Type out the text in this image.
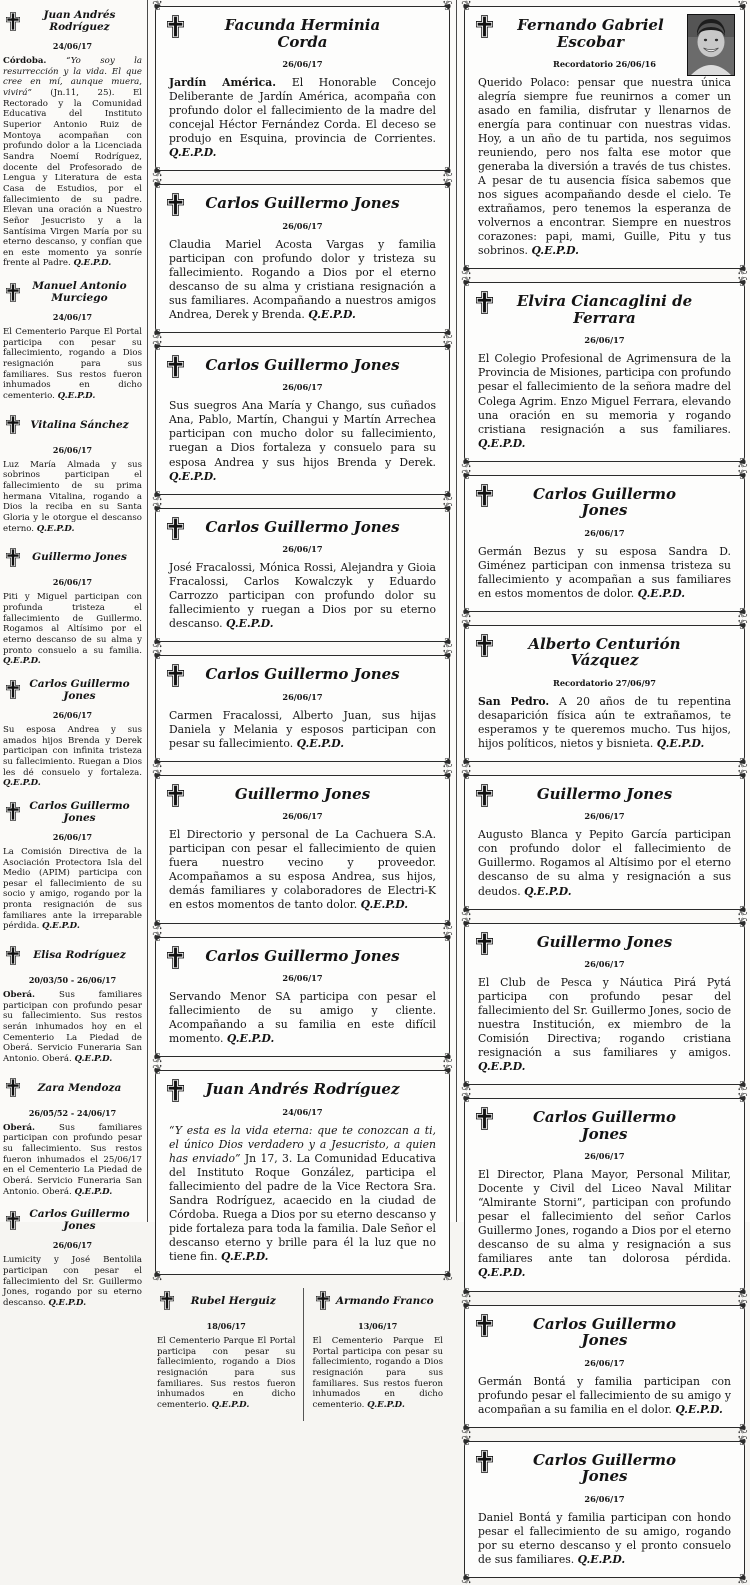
Juan Andrés Rodríguez
24/06/17

Córdoba. “Yo soy la resurrección y la vida. El que cree en mí, aunque muera, vivirá” (Jn.11, 25). El Rectorado y la Comunidad Educativa del Instituto Superior Antonio Ruiz de Montoya acompañan con profundo dolor a la Licenciada Sandra Noemí Rodríguez, docente del Profesorado de Lengua y Literatura de esta Casa de Estudios, por el fallecimiento de su padre. Elevan una oración a Nuestro Señor Jesucristo y a la Santísima Virgen María por su eterno descanso, y confían que en este momento ya sonríe frente al Padre. Q.E.P.D.

Manuel Antonio Murciego
24/06/17

El Cementerio Parque El Portal participa con pesar su fallecimiento, rogando a Dios resignación para sus familiares. Sus restos fueron inhumados en dicho cementerio. Q.E.P.D.

Vitalina Sánchez
26/06/17

Luz María Almada y sus sobrinos participan el fallecimiento de su prima hermana Vitalina, rogando a Dios la reciba en su Santa Gloria y le otorgue el descanso eterno. Q.E.P.D.

Guillermo Jones
26/06/17

Piti y Miguel participan con profunda tristeza el fallecimiento de Guillermo. Rogamos al Altísimo por el eterno descanso de su alma y pronto consuelo a su familia. Q.E.P.D.

Carlos Guillermo Jones
26/06/17

Su esposa Andrea y sus amados hijos Brenda y Derek participan con infinita tristeza su fallecimiento. Ruegan a Dios les dé consuelo y fortaleza. Q.E.P.D.

Carlos Guillermo Jones
26/06/17

La Comisión Directiva de la Asociación Protectora Isla del Medio (APIM) participa con pesar el fallecimiento de su socio y amigo, rogando por la pronta resignación de sus familiares ante la irreparable pérdida. Q.E.P.D.

Elisa Rodríguez
20/03/50 - 26/06/17

Oberá. Sus familiares participan con profundo pesar su fallecimiento. Sus restos serán inhumados hoy en el Cementerio La Piedad de Oberá. Servicio Funeraria San Antonio. Oberá. Q.E.P.D.

Zara Mendoza
26/05/52 - 24/06/17

Oberá. Sus familiares participan con profundo pesar su fallecimiento. Sus restos fueron inhumados el 25/06/17 en el Cementerio La Piedad de Oberá. Servicio Funeraria San Antonio. Oberá. Q.E.P.D.

Carlos Guillermo Jones
26/06/17

Lumicity y José Bentolila participan con pesar el fallecimiento del Sr. Guillermo Jones, rogando por su eterno descanso. Q.E.P.D.

❦	❦
❦	❦
Facunda Herminia Corda
26/06/17

Jardín América. El Honorable Concejo Deliberante de Jardín América, acompaña con profundo dolor el fallecimiento de la madre del concejal Héctor Fernández Corda. El deceso se produjo en Esquina, provincia de Corrientes. Q.E.P.D.

❦	❦
❦	❦
Carlos Guillermo Jones
26/06/17

Claudia Mariel Acosta Vargas y familia participan con profundo dolor y tristeza su fallecimiento. Rogando a Dios por el eterno descanso de su alma y cristiana resignación a sus familiares. Acompañando a nuestros amigos Andrea, Derek y Brenda. Q.E.P.D.

❦	❦
❦	❦
Carlos Guillermo Jones
26/06/17

Sus suegros Ana María y Chango, sus cuñados Ana, Pablo, Martín, Changui y Martín Arrechea participan con mucho dolor su fallecimiento, ruegan a Dios fortaleza y consuelo para su esposa Andrea y sus hijos Brenda y Derek. Q.E.P.D.

❦	❦
❦	❦
Carlos Guillermo Jones
26/06/17

José Fracalossi, Mónica Rossi, Alejandra y Gioia Fracalossi, Carlos Kowalczyk y Eduardo Carrozzo participan con profundo dolor su fallecimiento y ruegan a Dios por su eterno descanso. Q.E.P.D.

❦	❦
❦	❦
Carlos Guillermo Jones
26/06/17

Carmen Fracalossi, Alberto Juan, sus hijas Daniela y Melania y esposos participan con pesar su fallecimiento. Q.E.P.D.

❦	❦
❦	❦
Guillermo Jones
26/06/17

El Directorio y personal de La Cachuera S.A. participan con pesar el fallecimiento de quien fuera nuestro vecino y proveedor. Acompañamos a su esposa Andrea, sus hijos, demás familiares y colaboradores de Electri-K en estos momentos de tanto dolor. Q.E.P.D.

❦	❦
❦	❦
Carlos Guillermo Jones
26/06/17

Servando Menor SA participa con pesar el fallecimiento de su amigo y cliente. Acompañando a su familia en este difícil momento. Q.E.P.D.

❦	❦
❦	❦
Juan Andrés Rodríguez
24/06/17

“Y esta es la vida eterna: que te conozcan a ti, el único Dios verdadero y a Jesucristo, a quien has enviado” Jn 17, 3. La Comunidad Educativa del Instituto Roque González, participa el fallecimiento del padre de la Vice Rectora Sra. Sandra Rodríguez, acaecido en la ciudad de Córdoba. Ruega a Dios por su eterno descanso y pide fortaleza para toda la familia. Dale Señor el descanso eterno y brille para él la luz que no tiene fin. Q.E.P.D.

Rubel Herguiz
18/06/17

El Cementerio Parque El Portal participa con pesar su fallecimiento, rogando a Dios resignación para sus familiares. Sus restos fueron inhumados en dicho cementerio. Q.E.P.D.

Armando Franco
13/06/17

El Cementerio Parque El Portal participa con pesar su fallecimiento, rogando a Dios resignación para sus familiares. Sus restos fueron inhumados en dicho cementerio. Q.E.P.D.

❦	❦
❦	❦
Fernando Gabriel Escobar
Recordatorio 26/06/16

Querido Polaco: pensar que nuestra única alegría siempre fue reunirnos a comer un asado en familia, disfrutar y llenarnos de energía para continuar con nuestras vidas. Hoy, a un año de tu partida, nos seguimos reuniendo, pero nos falta ese motor que generaba la diversión a través de tus chistes. A pesar de tu ausencia física sabemos que nos sigues acompañando desde el cielo. Te extrañamos, pero tenemos la esperanza de volvernos a encontrar. Siempre en nuestros corazones: papi, mami, Guille, Pitu y tus sobrinos. Q.E.P.D.

❦	❦
❦	❦
Elvira Ciancaglini de Ferrara
26/06/17

El Colegio Profesional de Agrimensura de la Provincia de Misiones, participa con profundo pesar el fallecimiento de la señora madre del Colega Agrim. Enzo Miguel Ferrara, elevando una oración en su memoria y rogando cristiana resignación a sus familiares. Q.E.P.D.

❦	❦
❦	❦
Carlos Guillermo Jones
26/06/17

Germán Bezus y su esposa Sandra D. Giménez participan con inmensa tristeza su fallecimiento y acompañan a sus familiares en estos momentos de dolor. Q.E.P.D.

❦	❦
❦	❦
Alberto Centurión Vázquez
Recordatorio 27/06/97

San Pedro. A 20 años de tu repentina desaparición física aún te extrañamos, te esperamos y te queremos mucho. Tus hijos, hijos políticos, nietos y bisnieta. Q.E.P.D.

❦	❦
❦	❦
Guillermo Jones
26/06/17

Augusto Blanca y Pepito García participan con profundo dolor el fallecimiento de Guillermo. Rogamos al Altísimo por el eterno descanso de su alma y resignación a sus deudos. Q.E.P.D.

❦	❦
❦	❦
Guillermo Jones
26/06/17

El Club de Pesca y Náutica Pirá Pytá participa con profundo pesar del fallecimiento del Sr. Guillermo Jones, socio de nuestra Institución, ex miembro de la Comisión Directiva; rogando cristiana resignación a sus familiares y amigos. Q.E.P.D.

❦	❦
❦	❦
Carlos Guillermo Jones
26/06/17

El Director, Plana Mayor, Personal Militar, Docente y Civil del Liceo Naval Militar “Almirante Storni”, participan con profundo pesar el fallecimiento del señor Carlos Guillermo Jones, rogando a Dios por el eterno descanso de su alma y resignación a sus familiares ante tan dolorosa pérdida. Q.E.P.D.

❦	❦
❦	❦
Carlos Guillermo Jones
26/06/17

Germán Bontá y familia participan con profundo pesar el fallecimiento de su amigo y acompañan a su familia en el dolor. Q.E.P.D.

❦	❦
❦	❦
Carlos Guillermo Jones
26/06/17

Daniel Bontá y familia participan con hondo pesar el fallecimiento de su amigo, rogando por su eterno descanso y el pronto consuelo de sus familiares. Q.E.P.D.
